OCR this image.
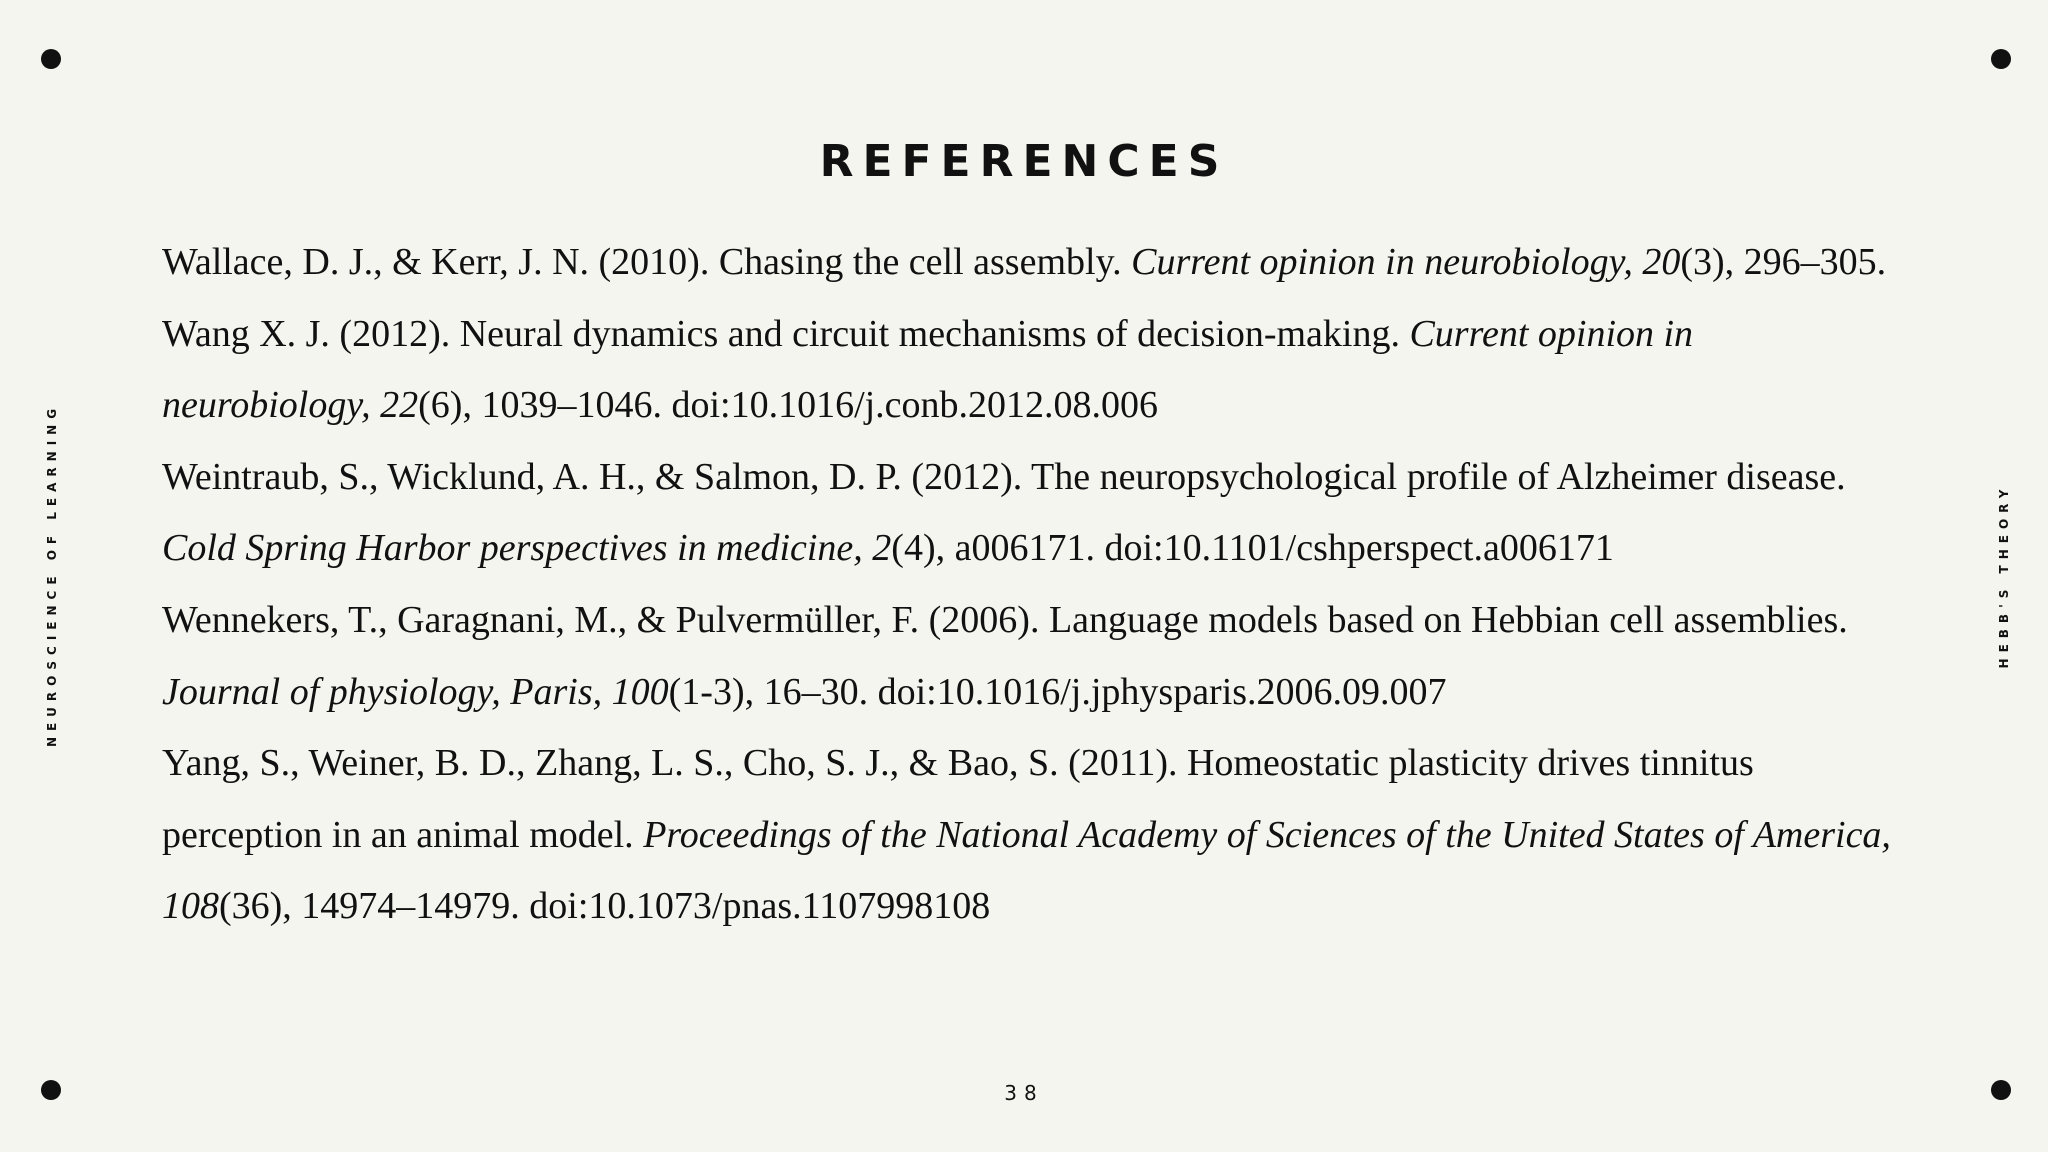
NEUROSCIENCE OF LEARNING	HEBB'S THEORY
REFERENCES

Wallace, D. J., & Kerr, J. N. (2010). Chasing the cell assembly. Current opinion in neurobiology, 20(3), 296–305.

Wang X. J. (2012). Neural dynamics and circuit mechanisms of decision-making. Current opinion in neurobiology, 22(6), 1039–1046. doi:10.1016/j.conb.2012.08.006

Weintraub, S., Wicklund, A. H., & Salmon, D. P. (2012). The neuropsychological profile of Alzheimer disease. Cold Spring Harbor perspectives in medicine, 2(4), a006171. doi:10.1101/cshperspect.a006171

Wennekers, T., Garagnani, M., & Pulvermüller, F. (2006). Language models based on Hebbian cell assemblies. Journal of physiology, Paris, 100(1-3), 16–30. doi:10.1016/j.jphysparis.2006.09.007

Yang, S., Weiner, B. D., Zhang, L. S., Cho, S. J., & Bao, S. (2011). Homeostatic plasticity drives tinnitus perception in an animal model. Proceedings of the National Academy of Sciences of the United States of America, 108(36), 14974–14979. doi:10.1073/pnas.1107998108

38
